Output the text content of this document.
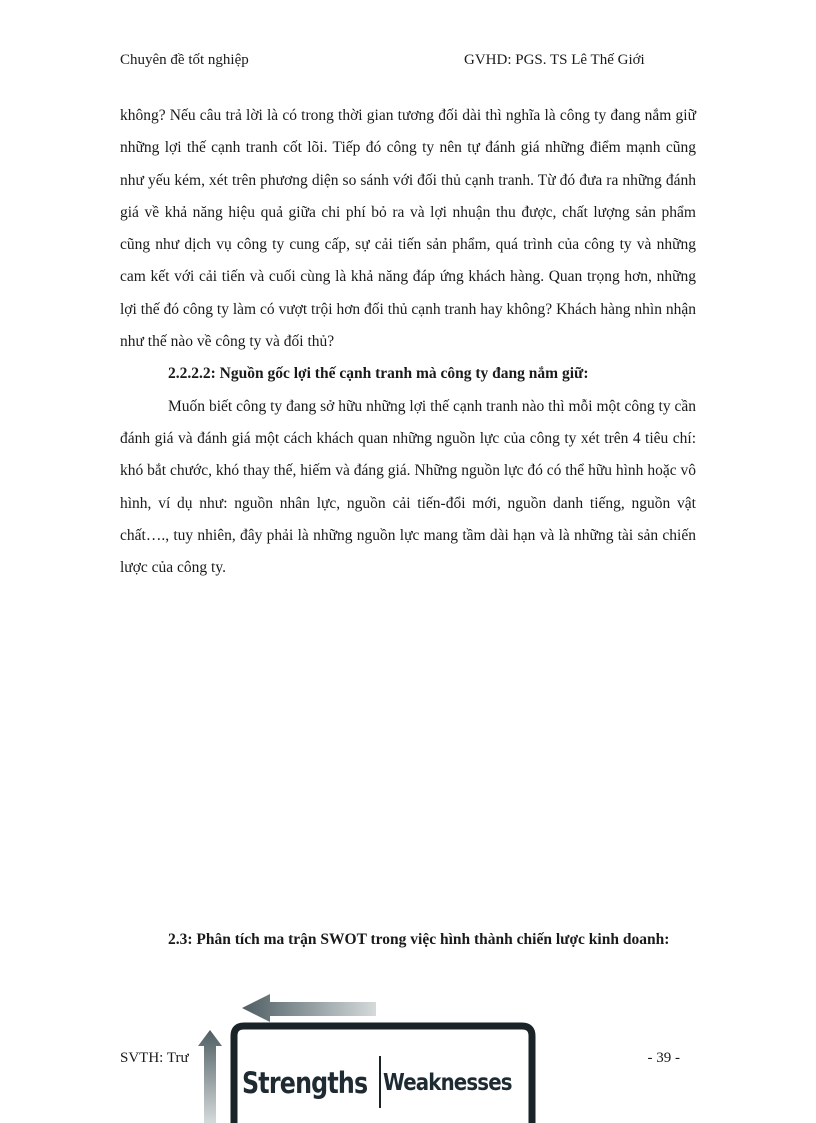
Chuyên đề tốt nghiệp	GVHD: PGS. TS Lê Thế Giới

không? Nếu câu trả lời là có trong thời gian tương đối dài thì nghĩa là công ty đang nắm giữ những lợi thế cạnh tranh cốt lõi. Tiếp đó công ty nên tự đánh giá những điểm mạnh cũng như yếu kém, xét trên phương diện so sánh với đối thủ cạnh tranh. Từ đó đưa ra những đánh giá về khả năng hiệu quả giữa chi phí bỏ ra và lợi nhuận thu được, chất lượng sản phẩm cũng như dịch vụ công ty cung cấp, sự cải tiến sản phẩm, quá trình của công ty và những cam kết với cải tiến và cuối cùng là khả năng đáp ứng khách hàng. Quan trọng hơn, những lợi thế đó công ty làm có vượt trội hơn đối thủ cạnh tranh hay không? Khách hàng nhìn nhận như thế nào về công ty và đối thủ?

2.2.2.2: Nguồn gốc lợi thế cạnh tranh mà công ty đang nắm giữ:

Muốn biết công ty đang sở hữu những lợi thế cạnh tranh nào thì mỗi một công ty cần đánh giá và đánh giá một cách khách quan những nguồn lực của công ty xét trên 4 tiêu chí: khó bắt chước, khó thay thế, hiếm và đáng giá. Những nguồn lực đó có thể hữu hình hoặc vô hình, ví dụ như: nguồn nhân lực, nguồn cải tiến-đổi mới, nguồn danh tiếng, nguồn vật chất…., tuy nhiên, đây phải là những nguồn lực mang tầm dài hạn và là những tài sản chiến lược của công ty.

2.3: Phân tích ma trận SWOT trong việc hình thành chiến lược kinh doanh:
Strengths Weaknesses
SVTH: Trư	- 39 -
